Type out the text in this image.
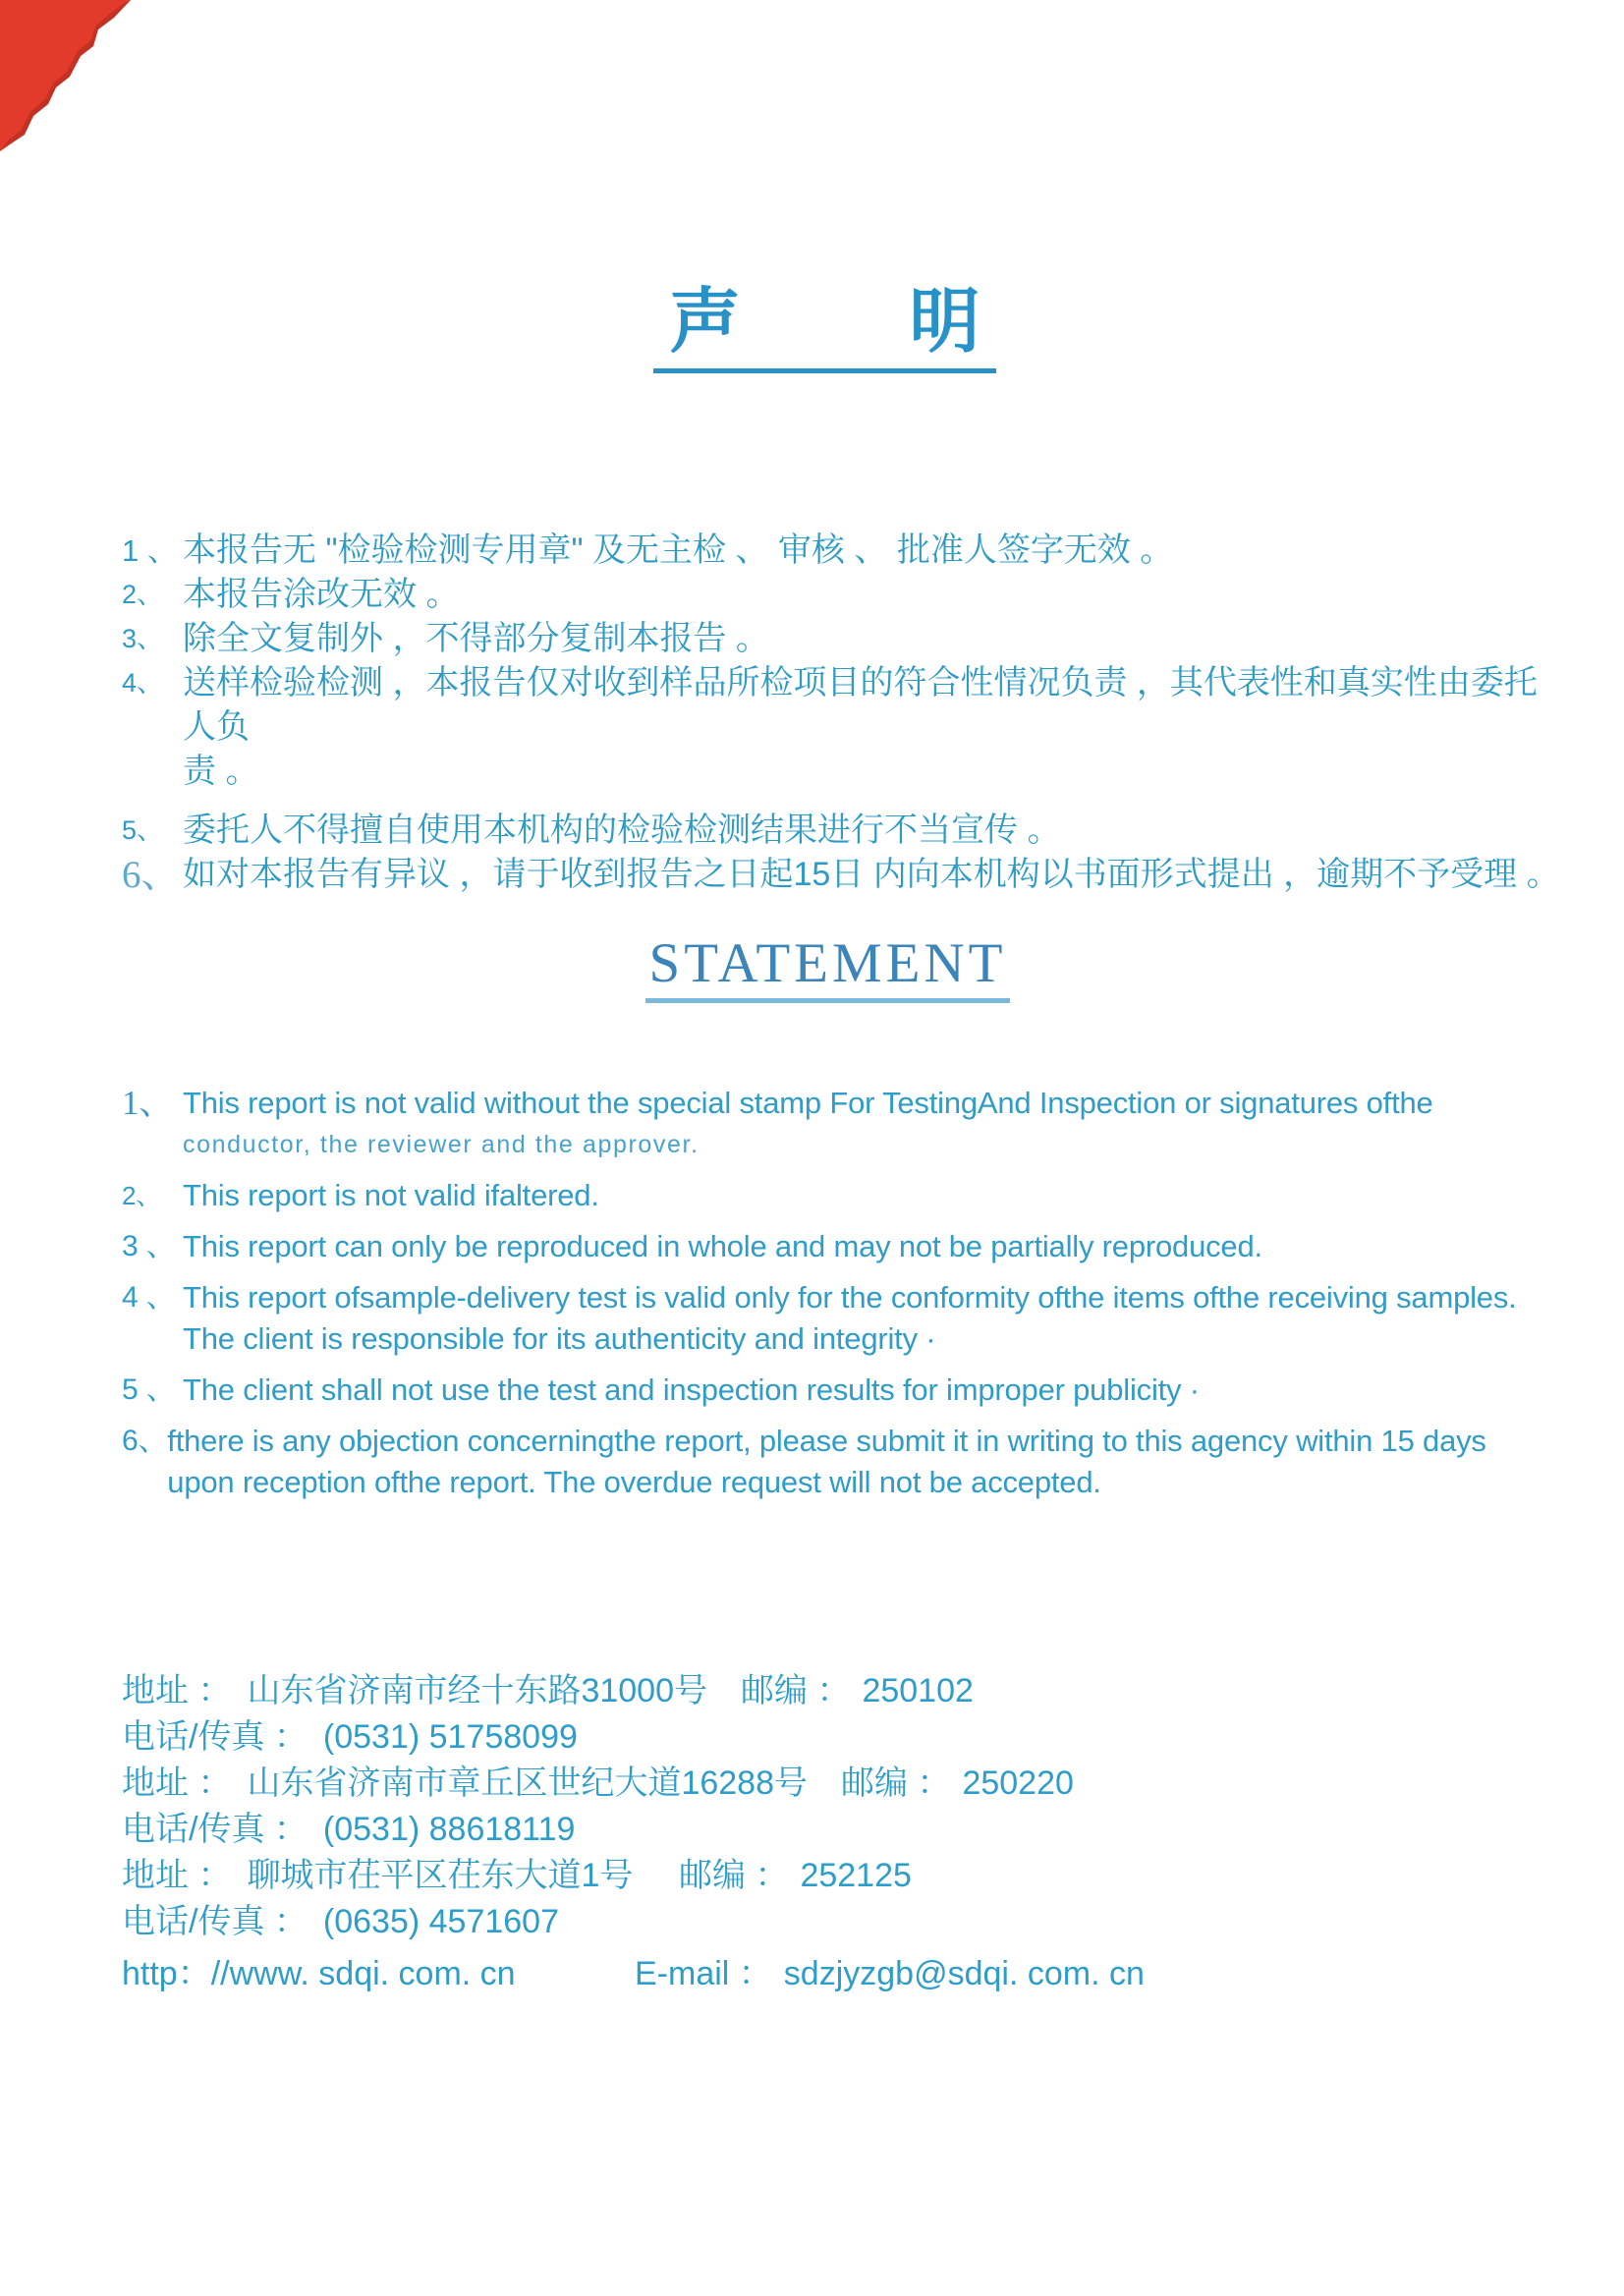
声 明
1 、 本报告无 "检验检测专用章" 及无主检 、 审核 、 批准人签字无效 。
2、 本报告涂改无效 。
3、 除全文复制外 ，不得部分复制本报告 。
4、 送样检验检测 ，本报告仅对收到样品所检项目的符合性情况负责 ，其代表性和真实性由委托人负
责 。
5、 委托人不得擅自使用本机构的检验检测结果进行不当宣传 。
6、 如对本报告有异议 ，请于收到报告之日起15日 内向本机构以书面形式提出 ，逾期不予受理 。
STATEMENT
1、 This report is not valid without the special stamp For TestingAnd Inspection or signatures ofthe
conductor, the reviewer and the approver.
2、 This report is not valid ifaltered.
3 、 This report can only be reproduced in whole and may not be partially reproduced.
4 、 This report ofsample-delivery test is valid only for the conformity ofthe items ofthe receiving samples.
The client is responsible for its authenticity and integrity ·
5 、 The client shall not use the test and inspection results for improper publicity ·
6、 fthere is any objection concerningthe report, please submit it in writing to this agency within 15 days
upon reception ofthe report. The overdue request will not be accepted.
地址 ： 山东省济南市经十东路31000号 邮编 ： 250102
电话/传真 ： (0531) 51758099
地址 ： 山东省济南市章丘区世纪大道16288号 邮编 ： 250220
电话/传真 ： (0531) 88618119
地址 ： 聊城市茌平区茌东大道1号 邮编 ： 252125
电话/传真 ： (0635) 4571607
http：//www. sdqi. com. cn	E-mail ： sdzjyzgb@sdqi. com. cn
